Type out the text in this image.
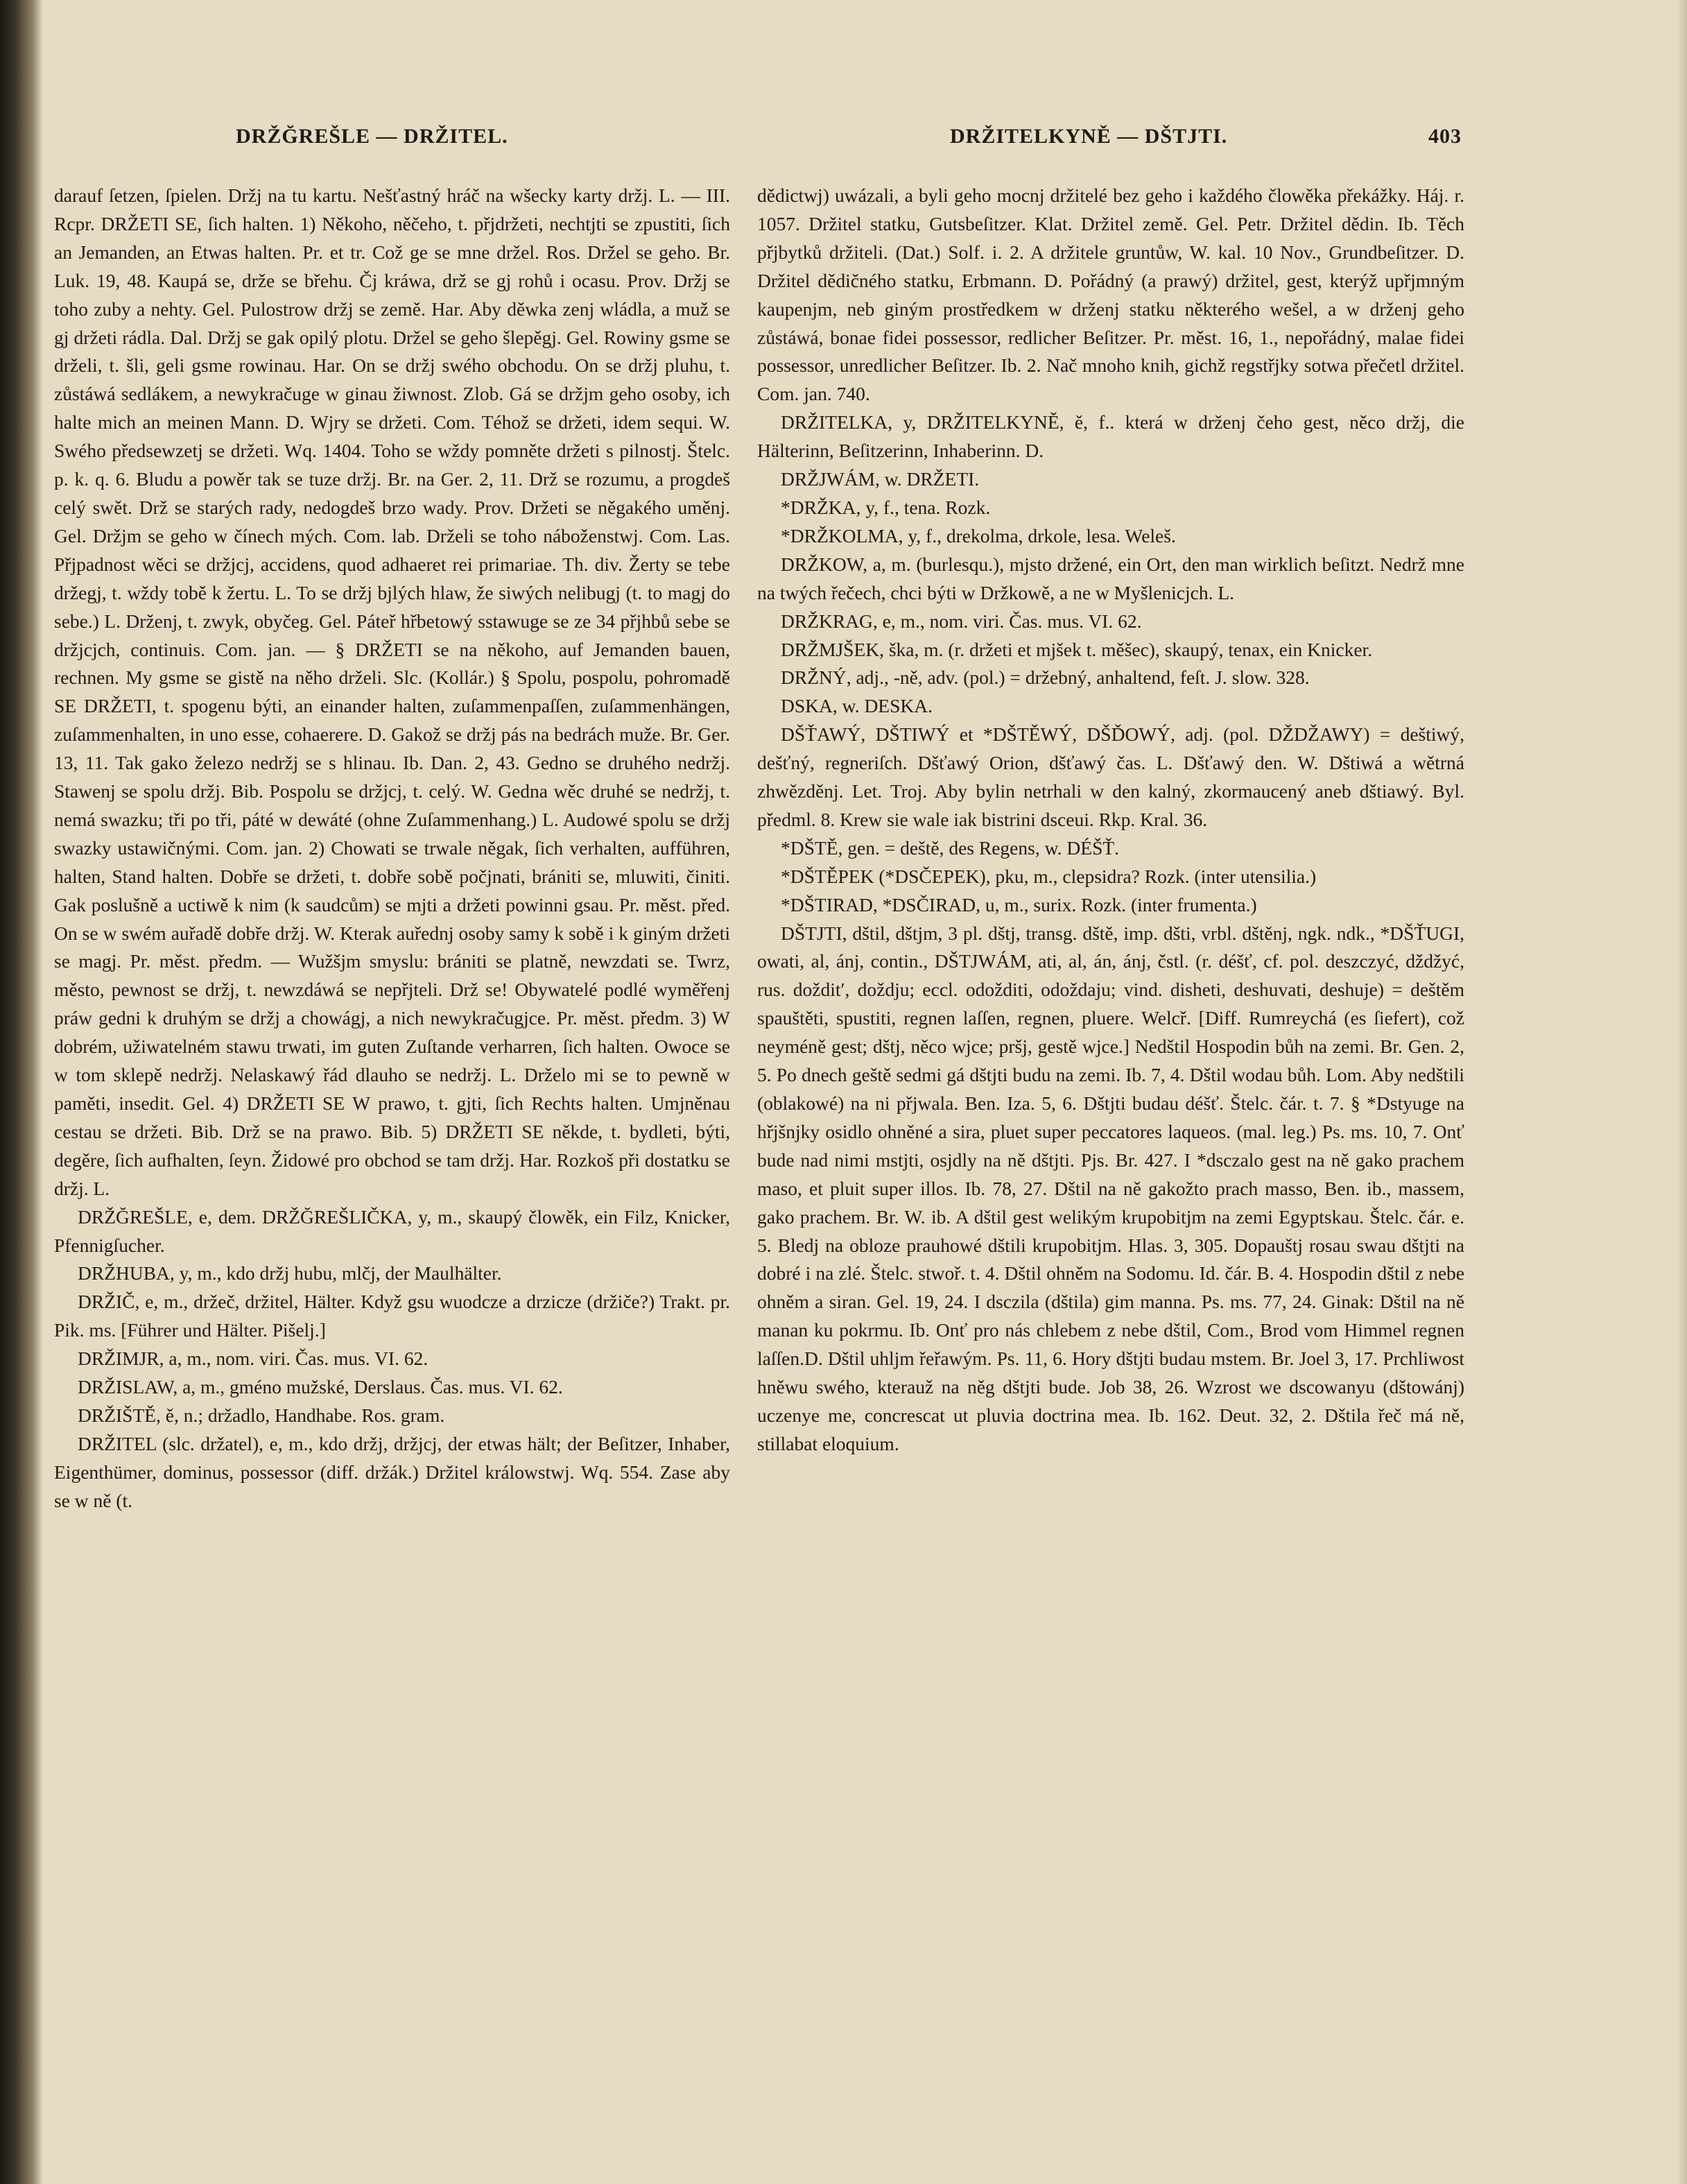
DRŽĞREŠLE — DRŽITEL.	DRŽITELKYNĚ — DŠTJTI.	403

darauf ſetzen, ſpielen. Držj na tu kartu. Nešťastný hráč na wšecky karty držj. L. — III. Rcpr. DRŽETI SE, ſich halten. 1) Někoho, něčeho, t. přjdržeti, nechtjti se zpustiti, ſich an Jemanden, an Etwas halten. Pr. et tr. Což ge se mne držel. Ros. Držel se geho. Br. Luk. 19, 48. Kaupá se, drže se břehu. Čj kráwa, drž se gj rohů i ocasu. Prov. Držj se toho zuby a nehty. Gel. Pulostrow držj se země. Har. Aby děwka zenj wládla, a muž se gj držeti rádla. Dal. Držj se gak opilý plotu. Držel se geho šlepěgj. Gel. Rowiny gsme se drželi, t. šli, geli gsme rowinau. Har. On se držj swého obchodu. On se držj pluhu, t. zůstáwá sedlákem, a newykračuge w ginau žiwnost. Zlob. Gá se držjm geho osoby, ich halte mich an meinen Mann. D. Wjry se držeti. Com. Téhož se držeti, idem sequi. W. Swého předsewzetj se držeti. Wq. 1404. Toho se wždy pomněte držeti s pilnostj. Štelc. p. k. q. 6. Bludu a powěr tak se tuze držj. Br. na Ger. 2, 11. Drž se rozumu, a progdeš celý swět. Drž se starých rady, nedogdeš brzo wady. Prov. Držeti se něgakého uměnj. Gel. Držjm se geho w čínech mých. Com. lab. Drželi se toho náboženstwj. Com. Las. Přjpadnost wěci se držjcj, accidens, quod adhaeret rei primariae. Th. div. Žerty se tebe držegj, t. wždy tobě k žertu. L. To se držj bjlých hlaw, že siwých nelibugj (t. to magj do sebe.) L. Drženj, t. zwyk, obyčeg. Gel. Páteř hřbetowý sstawuge se ze 34 přjhbů sebe se držjcjch, continuis. Com. jan. — § DRŽETI se na někoho, auf Jemanden bauen, rechnen. My gsme se gistě na něho drželi. Slc. (Kollár.) § Spolu, pospolu, pohromadě SE DRŽETI, t. spogenu býti, an einander halten, zuſammenpaſſen, zuſammenhängen, zuſammenhalten, in uno esse, cohaerere. D. Gakož se držj pás na bedrách muže. Br. Ger. 13, 11. Tak gako železo nedržj se s hlinau. Ib. Dan. 2, 43. Gedno se druhého nedržj. Stawenj se spolu držj. Bib. Pospolu se držjcj, t. celý. W. Gedna wěc druhé se nedržj, t. nemá swazku; tři po tři, páté w dewáté (ohne Zuſammenhang.) L. Audowé spolu se držj swazky ustawičnými. Com. jan. 2) Chowati se trwale něgak, ſich verhalten, aufführen, halten, Stand halten. Dobře se držeti, t. dobře sobě počjnati, brániti se, mluwiti, činiti. Gak poslušně a uctiwě k nim (k saudcům) se mjti a držeti powinni gsau. Pr. měst. před. On se w swém auřadě dobře držj. W. Kterak auřednj osoby samy k sobě i k giným držeti se magj. Pr. měst. předm. — Wužšjm smyslu: brániti se platně, newzdati se. Twrz, město, pewnost se držj, t. newzdáwá se nepřjteli. Drž se! Obywatelé podlé wyměřenj práw gedni k druhým se držj a chowágj, a nich newykračugjce. Pr. měst. předm. 3) W dobrém, užiwatelném stawu trwati, im guten Zuſtande verharren, ſich halten. Owoce se w tom sklepě nedržj. Nelaskawý řád dlauho se nedržj. L. Drželo mi se to pewně w paměti, insedit. Gel. 4) DRŽETI SE W prawo, t. gjti, ſich Rechts halten. Umjněnau cestau se držeti. Bib. Drž se na prawo. Bib. 5) DRŽETI SE někde, t. bydleti, býti, degěre, ſich aufhalten, ſeyn. Židowé pro obchod se tam držj. Har. Rozkoš při dostatku se držj. L.

DRŽĞREŠLE, e, dem. DRŽĞREŠLIČKA, y, m., skaupý člowěk, ein Filz, Knicker, Pfennigſucher.

DRŽHUBA, y, m., kdo držj hubu, mlčj, der Maulhälter.

DRŽIČ, e, m., držeč, držitel, Hälter. Když gsu wuodcze a drzicze (držiče?) Trakt. pr. Pik. ms. [Führer und Hälter. Pišelj.]

DRŽIMJR, a, m., nom. viri. Čas. mus. VI. 62.

DRŽISLAW, a, m., gméno mužské, Derslaus. Čas. mus. VI. 62.

DRŽIŠTĚ, ě, n.; držadlo, Handhabe. Ros. gram.

DRŽITEL (slc. držatel), e, m., kdo držj, držjcj, der etwas hält; der Beſitzer, Inhaber, Eigenthümer, dominus, possessor (diff. držák.) Držitel králowstwj. Wq. 554. Zase aby se w ně (t.

dědictwj) uwázali, a byli geho mocnj držitelé bez geho i každého člowěka překážky. Háj. r. 1057. Držitel statku, Gutsbeſitzer. Klat. Držitel země. Gel. Petr. Držitel dědin. Ib. Těch přjbytků držiteli. (Dat.) Solf. i. 2. A držitele gruntůw, W. kal. 10 Nov., Grundbeſitzer. D. Držitel dědičného statku, Erbmann. D. Pořádný (a prawý) držitel, gest, kterýž upřjmným kaupenjm, neb giným prostředkem w drženj statku některého wešel, a w drženj geho zůstáwá, bonae fidei possessor, redlicher Beſitzer. Pr. měst. 16, 1., nepořádný, malae fidei possessor, unredlicher Beſitzer. Ib. 2. Nač mnoho knih, gichž regstřjky sotwa přečetl držitel. Com. jan. 740.

DRŽITELKA, y, DRŽITELKYNĚ, ě, f.. která w drženj čeho gest, něco držj, die Hälterinn, Beſitzerinn, Inhaberinn. D.

DRŽJWÁM, w. DRŽETI.

*DRŽKA, y, f., tena. Rozk.

*DRŽKOLMA, y, f., drekolma, drkole, lesa. Weleš.

DRŽKOW, a, m. (burlesqu.), mjsto držené, ein Ort, den man wirklich beſitzt. Nedrž mne na twých řečech, chci býti w Držkowě, a ne w Myšlenicjch. L.

DRŽKRAG, e, m., nom. viri. Čas. mus. VI. 62.

DRŽMJŠEK, ška, m. (r. držeti et mjšek t. měšec), skaupý, tenax, ein Knicker.

DRŽNÝ, adj., -ně, adv. (pol.) = držebný, anhaltend, feſt. J. slow. 328.

DSKA, w. DESKA.

DŠŤAWÝ, DŠTIWÝ et *DŠTĚWÝ, DŠĎOWÝ, adj. (pol. DŽDŽAWY) = deštiwý, dešťný, regneriſch. Dšťawý Orion, dšťawý čas. L. Dšťawý den. W. Dštiwá a wětrná zhwězděnj. Let. Troj. Aby bylin netrhali w den kalný, zkormaucený aneb dštiawý. Byl. předml. 8. Krew sie wale iak bistrini dsceui. Rkp. Kral. 36.

*DŠTĚ, gen. = deště, des Regens, w. DÉŠŤ.

*DŠTĚPEK (*DSČEPEK), pku, m., clepsidra? Rozk. (inter utensilia.)

*DŠTIRAD, *DSČIRAD, u, m., surix. Rozk. (inter frumenta.)

DŠTJTI, dštil, dštjm, 3 pl. dštj, transg. dště, imp. dšti, vrbl. dštěnj, ngk. ndk., *DŠŤUGI, owati, al, ánj, contin., DŠTJWÁM, ati, al, án, ánj, čstl. (r. déšť, cf. pol. deszczyć, dždžyć, rus. dožditʹ, doždju; eccl. odožditi, odoždaju; vind. disheti, deshuvati, deshuje) = deštěm spauštěti, spustiti, regnen laſſen, regnen, pluere. Welcř. [Diff. Rumreychá (es ſiefert), což neyméně gest; dštj, něco wjce; pršj, gestě wjce.] Nedštil Hospodin bůh na zemi. Br. Gen. 2, 5. Po dnech geště sedmi gá dštjti budu na zemi. Ib. 7, 4. Dštil wodau bůh. Lom. Aby nedštili (oblakowé) na ni přjwala. Ben. Iza. 5, 6. Dštjti budau déšť. Štelc. čár. t. 7. § *Dstyuge na hřjšnjky osidlo ohněné a sira, pluet super peccatores laqueos. (mal. leg.) Ps. ms. 10, 7. Onť bude nad nimi mstjti, osjdly na ně dštjti. Pjs. Br. 427. I *dsczalo gest na ně gako prachem maso, et pluit super illos. Ib. 78, 27. Dštil na ně gakožto prach masso, Ben. ib., massem, gako prachem. Br. W. ib. A dštil gest welikým krupobitjm na zemi Egyptskau. Štelc. čár. e. 5. Bledj na obloze prauhowé dštili krupobitjm. Hlas. 3, 305. Dopauštj rosau swau dštjti na dobré i na zlé. Štelc. stwoř. t. 4. Dštil ohněm na Sodomu. Id. čár. B. 4. Hospodin dštil z nebe ohněm a siran. Gel. 19, 24. I dsczila (dštila) gim manna. Ps. ms. 77, 24. Ginak: Dštil na ně manan ku pokrmu. Ib. Onť pro nás chlebem z nebe dštil, Com., Brod vom Himmel regnen laſſen.D. Dštil uhljm řeřawým. Ps. 11, 6. Hory dštjti budau mstem. Br. Joel 3, 17. Prchliwost hněwu swého, kterauž na něg dštjti bude. Job 38, 26. Wzrost we dscowanyu (dštowánj) uczenye me, concrescat ut pluvia doctrina mea. Ib. 162. Deut. 32, 2. Dštila řeč má ně, stillabat eloquium.
